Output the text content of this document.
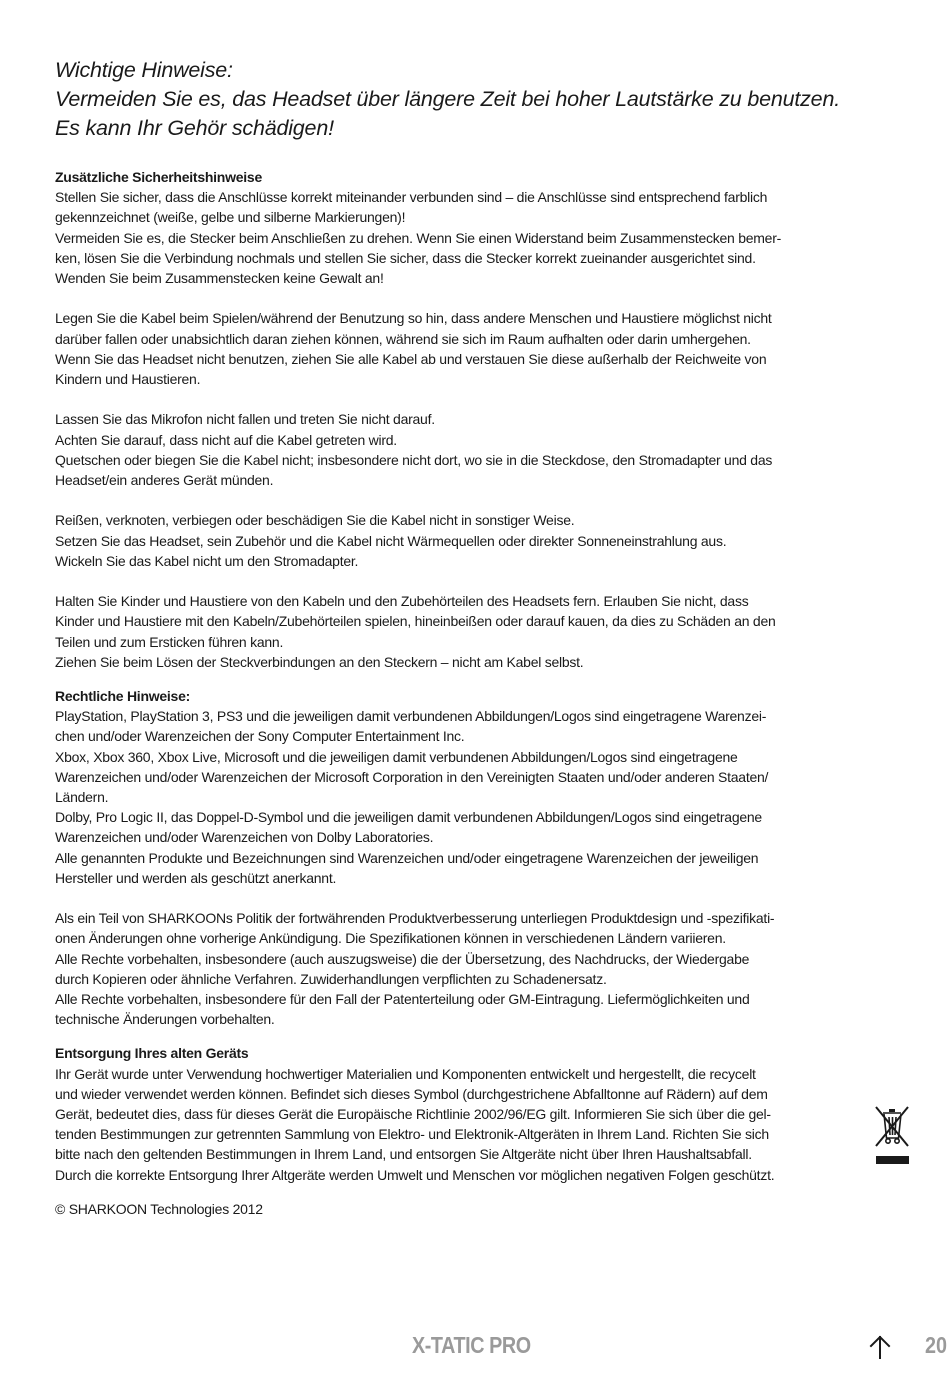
Wichtige Hinweise:
Vermeiden Sie es, das Headset über längere Zeit bei hoher Lautstärke zu benutzen.
Es kann Ihr Gehör schädigen!
Zusätzliche Sicherheitshinweise

Stellen Sie sicher, dass die Anschlüsse korrekt miteinander verbunden sind – die Anschlüsse sind entsprechend farblich

gekennzeichnet (weiße, gelbe und silberne Markierungen)!

Vermeiden Sie es, die Stecker beim Anschließen zu drehen. Wenn Sie einen Widerstand beim Zusammenstecken bemer-

ken, lösen Sie die Verbindung nochmals und stellen Sie sicher, dass die Stecker korrekt zueinander ausgerichtet sind.

Wenden Sie beim Zusammenstecken keine Gewalt an!

Legen Sie die Kabel beim Spielen/während der Benutzung so hin, dass andere Menschen und Haustiere möglichst nicht

darüber fallen oder unabsichtlich daran ziehen können, während sie sich im Raum aufhalten oder darin umhergehen.

Wenn Sie das Headset nicht benutzen, ziehen Sie alle Kabel ab und verstauen Sie diese außerhalb der Reichweite von

Kindern und Haustieren.

Lassen Sie das Mikrofon nicht fallen und treten Sie nicht darauf.

Achten Sie darauf, dass nicht auf die Kabel getreten wird.

Quetschen oder biegen Sie die Kabel nicht; insbesondere nicht dort, wo sie in die Steckdose, den Stromadapter und das

Headset/ein anderes Gerät münden.

Reißen, verknoten, verbiegen oder beschädigen Sie die Kabel nicht in sonstiger Weise.

Setzen Sie das Headset, sein Zubehör und die Kabel nicht Wärmequellen oder direkter Sonneneinstrahlung aus.

Wickeln Sie das Kabel nicht um den Stromadapter.

Halten Sie Kinder und Haustiere von den Kabeln und den Zubehörteilen des Headsets fern. Erlauben Sie nicht, dass

Kinder und Haustiere mit den Kabeln/Zubehörteilen spielen, hineinbeißen oder darauf kauen, da dies zu Schäden an den

Teilen und zum Ersticken führen kann.

Ziehen Sie beim Lösen der Steckverbindungen an den Steckern – nicht am Kabel selbst.

Rechtliche Hinweise:

PlayStation, PlayStation 3, PS3 und die jeweiligen damit verbundenen Abbildungen/Logos sind eingetragene Warenzei-

chen und/oder Warenzeichen der Sony Computer Entertainment Inc.

Xbox, Xbox 360, Xbox Live, Microsoft und die jeweiligen damit verbundenen Abbildungen/Logos sind eingetragene

Warenzeichen und/oder Warenzeichen der Microsoft Corporation in den Vereinigten Staaten und/oder anderen Staaten/

Ländern.

Dolby, Pro Logic II, das Doppel-D-Symbol und die jeweiligen damit verbundenen Abbildungen/Logos sind eingetragene

Warenzeichen und/oder Warenzeichen von Dolby Laboratories.

Alle genannten Produkte und Bezeichnungen sind Warenzeichen und/oder eingetragene Warenzeichen der jeweiligen

Hersteller und werden als geschützt anerkannt.

Als ein Teil von SHARKOONs Politik der fortwährenden Produktverbesserung unterliegen Produktdesign und -spezifikati-

onen Änderungen ohne vorherige Ankündigung. Die Spezifikationen können in verschiedenen Ländern variieren.

Alle Rechte vorbehalten, insbesondere (auch auszugsweise) die der Übersetzung, des Nachdrucks, der Wiedergabe

durch Kopieren oder ähnliche Verfahren. Zuwiderhandlungen verpflichten zu Schadenersatz.

Alle Rechte vorbehalten, insbesondere für den Fall der Patenterteilung oder GM-Eintragung. Liefermöglichkeiten und

technische Änderungen vorbehalten.

Entsorgung Ihres alten Geräts

Ihr Gerät wurde unter Verwendung hochwertiger Materialien und Komponenten entwickelt und hergestellt, die recycelt

und wieder verwendet werden können. Befindet sich dieses Symbol (durchgestrichene Abfalltonne auf Rädern) auf dem

Gerät, bedeutet dies, dass für dieses Gerät die Europäische Richtlinie 2002/96/EG gilt. Informieren Sie sich über die gel-

tenden Bestimmungen zur getrennten Sammlung von Elektro- und Elektronik-Altgeräten in Ihrem Land. Richten Sie sich

bitte nach den geltenden Bestimmungen in Ihrem Land, und entsorgen Sie Altgeräte nicht über Ihren Haushaltsabfall.

Durch die korrekte Entsorgung Ihrer Altgeräte werden Umwelt und Menschen vor möglichen negativen Folgen geschützt.

© SHARKOON Technologies 2012

X-TATIC PRO	20
